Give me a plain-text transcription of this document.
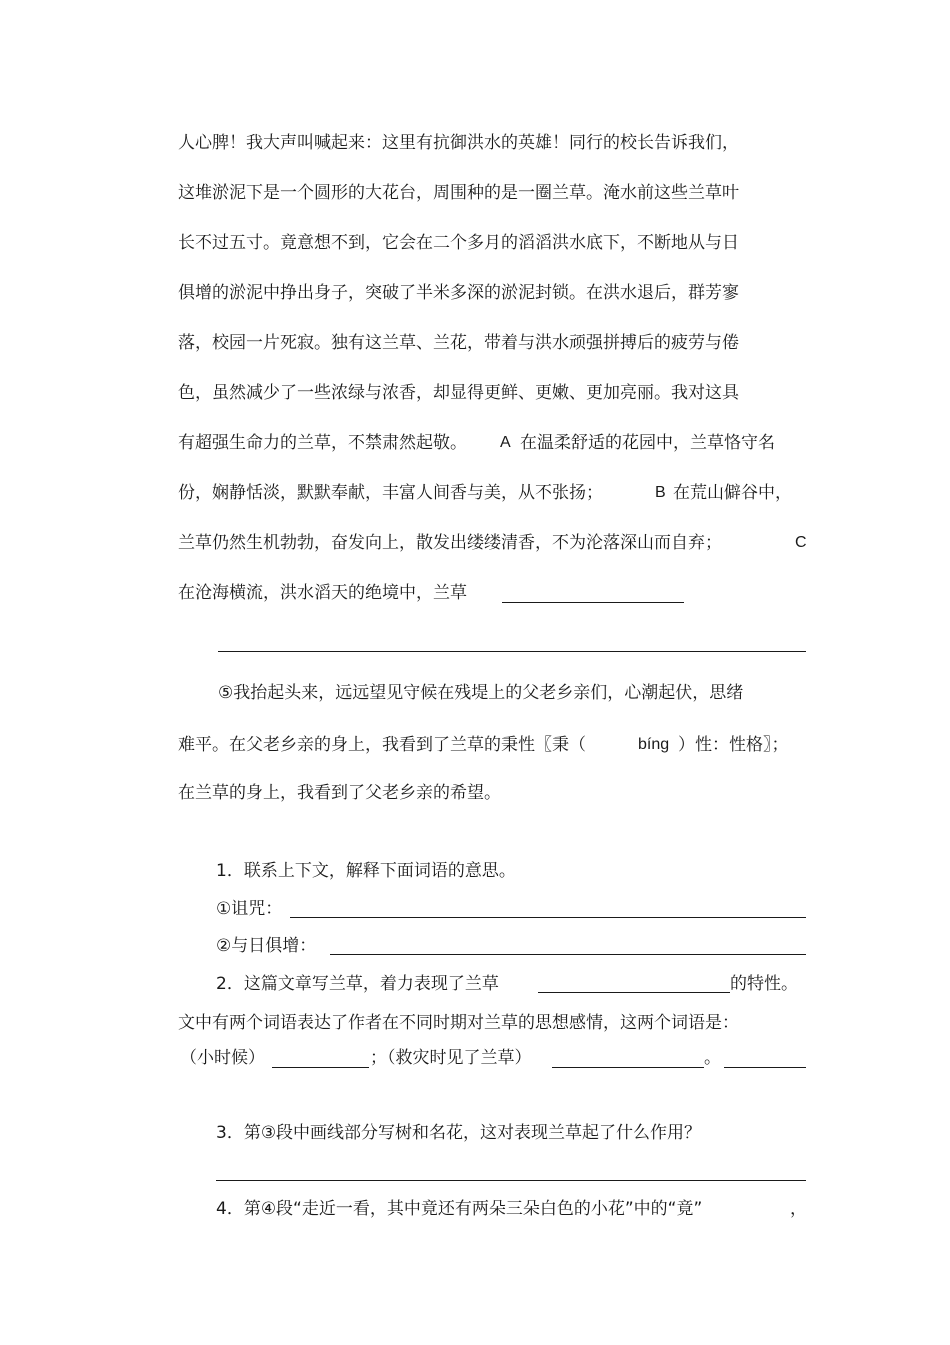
人心脾！我大声叫喊起来：这里有抗御洪水的英雄！同行的校长告诉我们，
这堆淤泥下是一个圆形的大花台，周围种的是一圈兰草。淹水前这些兰草叶
长不过五寸。竟意想不到，它会在二个多月的滔滔洪水底下，不断地从与日
俱增的淤泥中挣出身子，突破了半米多深的淤泥封锁。在洪水退后，群芳寥
落，校园一片死寂。独有这兰草、兰花，带着与洪水顽强拼搏后的疲劳与倦
色，虽然减少了一些浓绿与浓香，却显得更鲜、更嫩、更加亮丽。我对这具
有超强生命力的兰草，不禁肃然起敬。 A 在温柔舒适的花园中，兰草恪守名
份，娴静恬淡，默默奉献，丰富人间香与美，从不张扬；	B 在荒山僻谷中，
兰草仍然生机勃勃，奋发向上，散发出缕缕清香，不为沦落深山而自弃；	C
在沧海横流，洪水滔天的绝境中，兰草
⑤我抬起头来，远远望见守候在残堤上的父老乡亲们，心潮起伏，思绪
难平。在父老乡亲的身上，我看到了兰草的秉性〖秉（	bíng ）性：性格〗；
在兰草的身上，我看到了父老乡亲的希望。
1．联系上下文，解释下面词语的意思。
①诅咒：
②与日俱增：
2．这篇文章写兰草，着力表现了兰草	的特性。
文中有两个词语表达了作者在不同时期对兰草的思想感情，这两个词语是：
（小时候）	；（救灾时见了兰草）	。
3．第③段中画线部分写树和名花，这对表现兰草起了什么作用？
4．第④段“走近一看，其中竟还有两朵三朵白色的小花”中的“竟”	，
